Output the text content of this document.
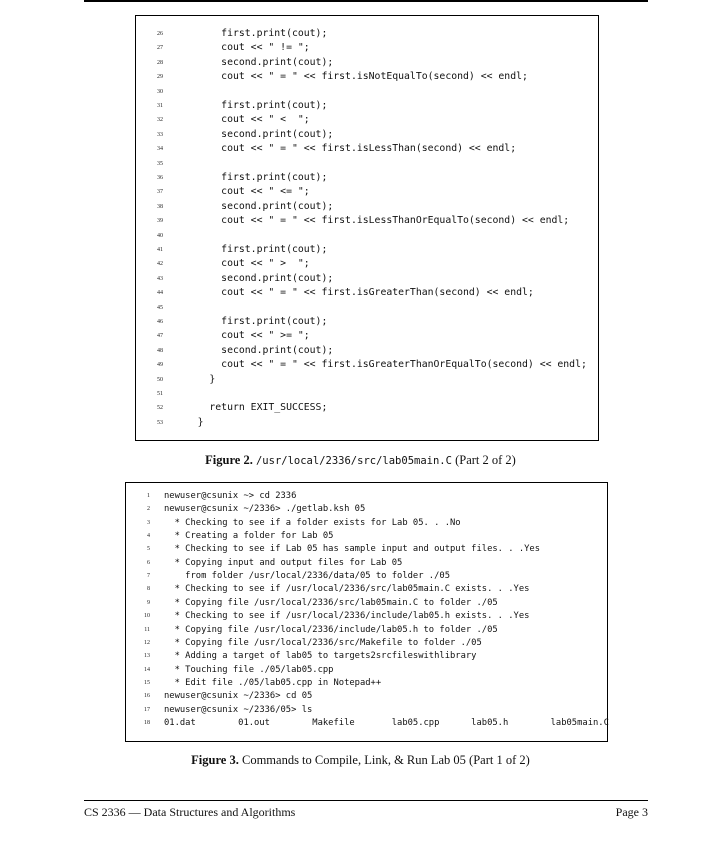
26 first.print(cout);
27 cout << " != ";
28 second.print(cout);
29 cout << " = " << first.isNotEqualTo(second) << endl;
30
31 first.print(cout);
32 cout << " <  ";
33 second.print(cout);
34 cout << " = " << first.isLessThan(second) << endl;
35
36 first.print(cout);
37 cout << " <= ";
38 second.print(cout);
39 cout << " = " << first.isLessThanOrEqualTo(second) << endl;
40
41 first.print(cout);
42 cout << " >  ";
43 second.print(cout);
44 cout << " = " << first.isGreaterThan(second) << endl;
45
46 first.print(cout);
47 cout << " >= ";
48 second.print(cout);
49 cout << " = " << first.isGreaterThanOrEqualTo(second) << endl;
50 }
51
52 return EXIT_SUCCESS;
53 }
Figure 2. /usr/local/2336/src/lab05main.C (Part 2 of 2)
1 newuser@csunix ~> cd 2336
2 newuser@csunix ~/2336> ./getlab.ksh 05
3 * Checking to see if a folder exists for Lab 05. . .No
4 * Creating a folder for Lab 05
5 * Checking to see if Lab 05 has sample input and output files. . .Yes
6 * Copying input and output files for Lab 05
7 from folder /usr/local/2336/data/05 to folder ./05
8 * Checking to see if /usr/local/2336/src/lab05main.C exists. . .Yes
9 * Copying file /usr/local/2336/src/lab05main.C to folder ./05
10 * Checking to see if /usr/local/2336/include/lab05.h exists. . .Yes
11 * Copying file /usr/local/2336/include/lab05.h to folder ./05
12 * Copying file /usr/local/2336/src/Makefile to folder ./05
13 * Adding a target of lab05 to targets2srcfileswithlibrary
14 * Touching file ./05/lab05.cpp
15 * Edit file ./05/lab05.cpp in Notepad++
16 newuser@csunix ~/2336> cd 05
17 newuser@csunix ~/2336/05> ls
18 01.dat        01.out        Makefile       lab05.cpp      lab05.h        lab05main.C
Figure 3. Commands to Compile, Link, & Run Lab 05 (Part 1 of 2)
CS 2336 — Data Structures and Algorithms	Page 3
